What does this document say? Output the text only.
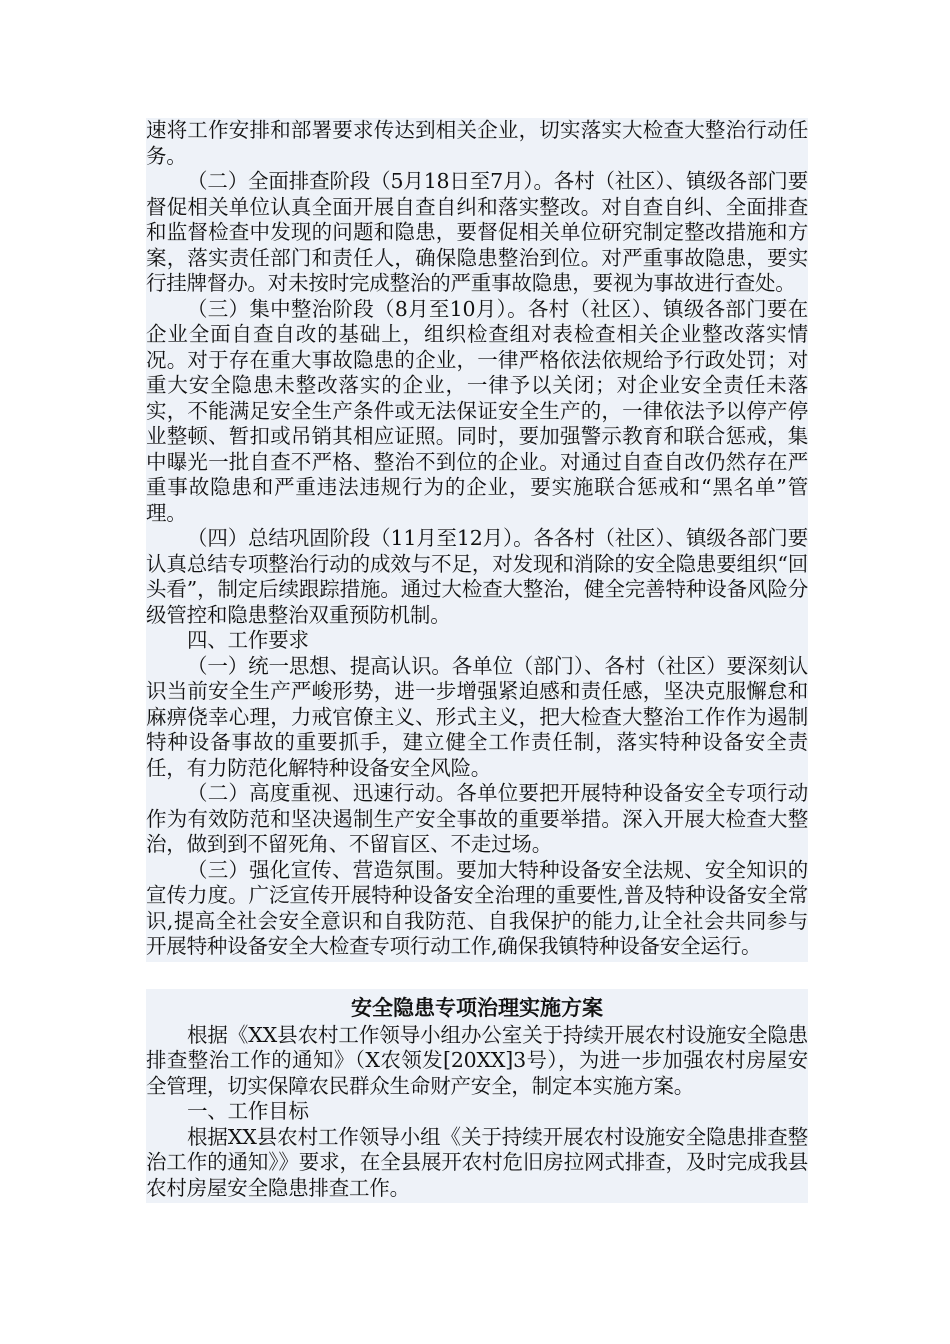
速将工作安排和部署要求传达到相关企业，切实落实大检查大整治行动任务。

（二）全面排查阶段（5月18日至7月）。各村（社区）、镇级各部门要督促相关单位认真全面开展自查自纠和落实整改。对自查自纠、全面排查和监督检查中发现的问题和隐患，要督促相关单位研究制定整改措施和方案，落实责任部门和责任人，确保隐患整治到位。对严重事故隐患，要实行挂牌督办。对未按时完成整治的严重事故隐患，要视为事故进行查处。

（三）集中整治阶段（8月至10月）。各村（社区）、镇级各部门要在企业全面自查自改的基础上，组织检查组对表检查相关企业整改落实情况。对于存在重大事故隐患的企业，一律严格依法依规给予行政处罚；对重大安全隐患未整改落实的企业，一律予以关闭；对企业安全责任未落实，不能满足安全生产条件或无法保证安全生产的，一律依法予以停产停业整顿、暂扣或吊销其相应证照。同时，要加强警示教育和联合惩戒，集中曝光一批自查不严格、整治不到位的企业。对通过自查自改仍然存在严重事故隐患和严重违法违规行为的企业，要实施联合惩戒和“黑名单”管理。

（四）总结巩固阶段（11月至12月）。各各村（社区）、镇级各部门要认真总结专项整治行动的成效与不足，对发现和消除的安全隐患要组织“回头看”，制定后续跟踪措施。通过大检查大整治，健全完善特种设备风险分级管控和隐患整治双重预防机制。

四、工作要求

（一）统一思想、提高认识。各单位（部门）、各村（社区）要深刻认识当前安全生产严峻形势，进一步增强紧迫感和责任感，坚决克服懈怠和麻痹侥幸心理，力戒官僚主义、形式主义，把大检查大整治工作作为遏制特种设备事故的重要抓手，建立健全工作责任制，落实特种设备安全责任，有力防范化解特种设备安全风险。

（二）高度重视、迅速行动。各单位要把开展特种设备安全专项行动作为有效防范和坚决遏制生产安全事故的重要举措。深入开展大检查大整治，做到到不留死角、不留盲区、不走过场。

（三）强化宣传、营造氛围。要加大特种设备安全法规、安全知识的宣传力度。广泛宣传开展特种设备安全治理的重要性,普及特种设备安全常识,提高全社会安全意识和自我防范、自我保护的能力,让全社会共同参与开展特种设备安全大检查专项行动工作,确保我镇特种设备安全运行。

安全隐患专项治理实施方案

根据《XX县农村工作领导小组办公室关于持续开展农村设施安全隐患排查整治工作的通知》（X农领发[20XX]3号），为进一步加强农村房屋安全管理，切实保障农民群众生命财产安全，制定本实施方案。

一、工作目标

根据XX县农村工作领导小组《关于持续开展农村设施安全隐患排查整治工作的通知》》要求，在全县展开农村危旧房拉网式排查，及时完成我县农村房屋安全隐患排查工作。
